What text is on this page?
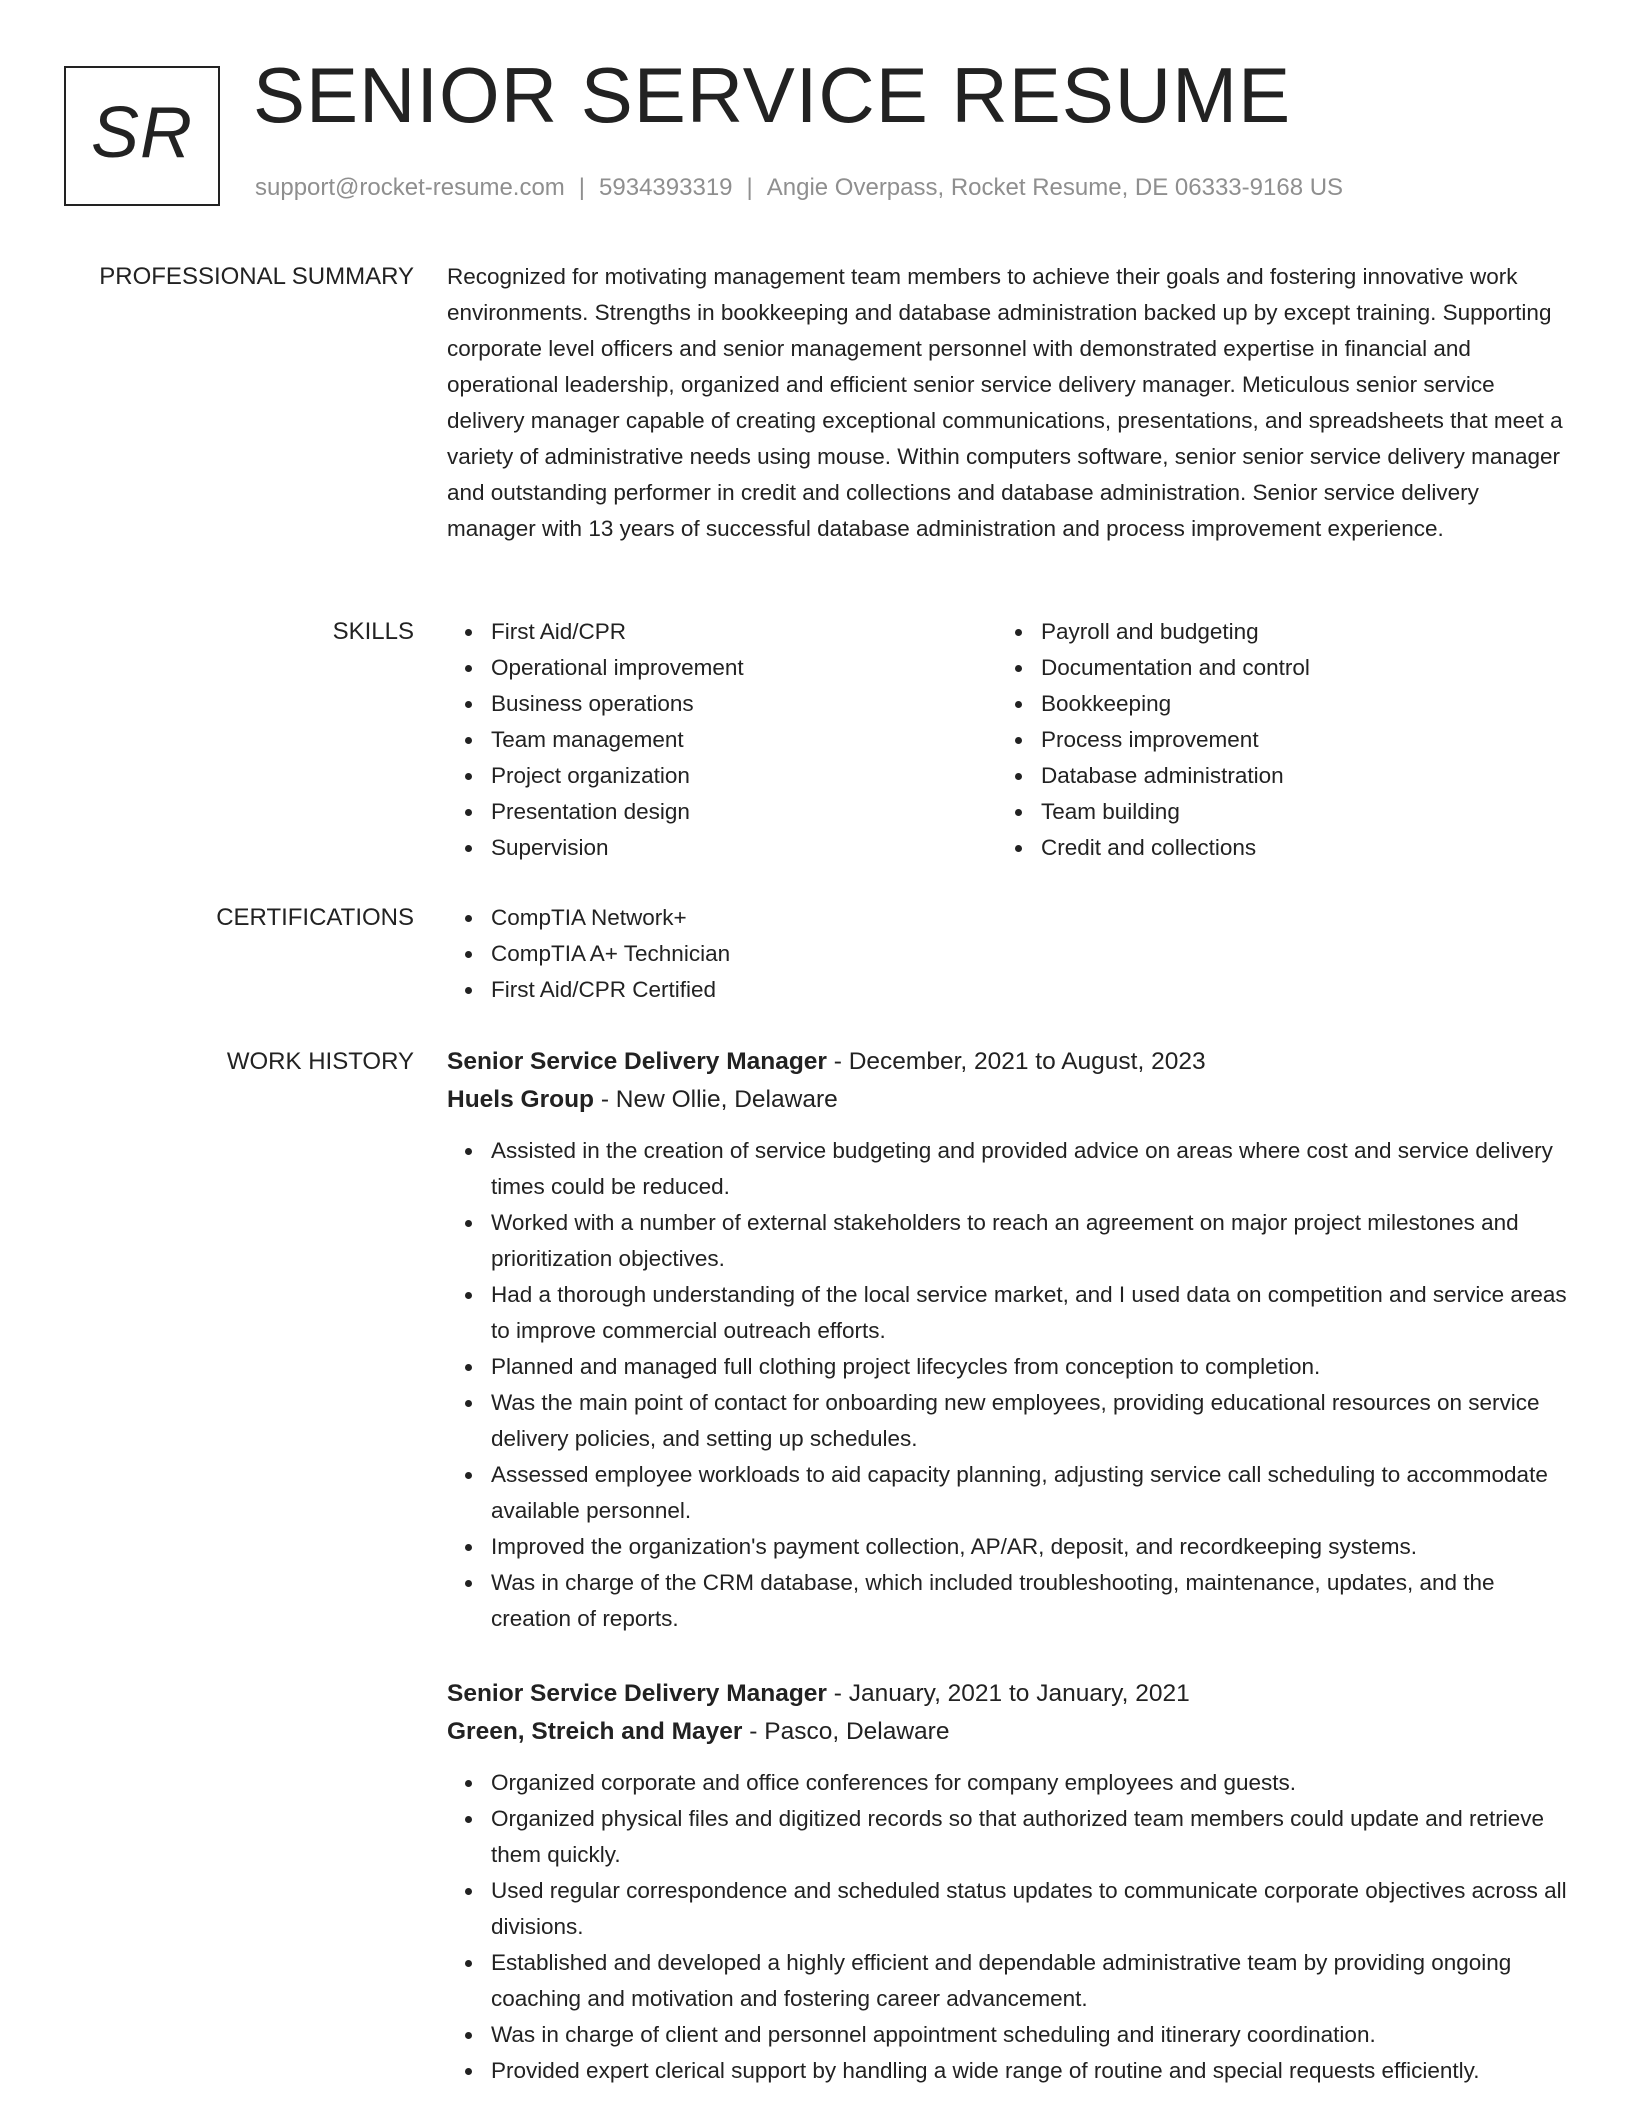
SR SENIOR SERVICE RESUME
support@rocket-resume.com | 5934393319 | Angie Overpass, Rocket Resume, DE 06333-9168 US
PROFESSIONAL SUMMARY Recognized for motivating management team members to achieve their goals and fostering innovative work environments. Strengths in bookkeeping and database administration backed up by except training. Supporting corporate level officers and senior management personnel with demonstrated expertise in financial and operational leadership, organized and efficient senior service delivery manager. Meticulous senior service delivery manager capable of creating exceptional communications, presentations, and spreadsheets that meet a variety of administrative needs using mouse. Within computers software, senior senior service delivery manager and outstanding performer in credit and collections and database administration. Senior service delivery manager with 13 years of successful database administration and process improvement experience.

SKILLS	First Aid/CPR
Operational improvement
Business operations
Team management
Project organization
Presentation design
Supervision
Payroll and budgeting
Documentation and control
Bookkeeping
Process improvement
Database administration
Team building
Credit and collections
CERTIFICATIONS	CompTIA Network+
CompTIA A+ Technician
First Aid/CPR Certified
WORK HISTORY Senior Service Delivery Manager - December, 2021 to August, 2023
Huels Group - New Ollie, Delaware
Assisted in the creation of service budgeting and provided advice on areas where cost and service delivery times could be reduced.
Worked with a number of external stakeholders to reach an agreement on major project milestones and prioritization objectives.
Had a thorough understanding of the local service market, and I used data on competition and service areas to improve commercial outreach efforts.
Planned and managed full clothing project lifecycles from conception to completion.
Was the main point of contact for onboarding new employees, providing educational resources on service delivery policies, and setting up schedules.
Assessed employee workloads to aid capacity planning, adjusting service call scheduling to accommodate available personnel.
Improved the organization's payment collection, AP/AR, deposit, and recordkeeping systems.
Was in charge of the CRM database, which included troubleshooting, maintenance, updates, and the creation of reports.
Senior Service Delivery Manager - January, 2021 to January, 2021
Green, Streich and Mayer - Pasco, Delaware
Organized corporate and office conferences for company employees and guests.
Organized physical files and digitized records so that authorized team members could update and retrieve them quickly.
Used regular correspondence and scheduled status updates to communicate corporate objectives across all divisions.
Established and developed a highly efficient and dependable administrative team by providing ongoing coaching and motivation and fostering career advancement.
Was in charge of client and personnel appointment scheduling and itinerary coordination.
Provided expert clerical support by handling a wide range of routine and special requests efficiently.
